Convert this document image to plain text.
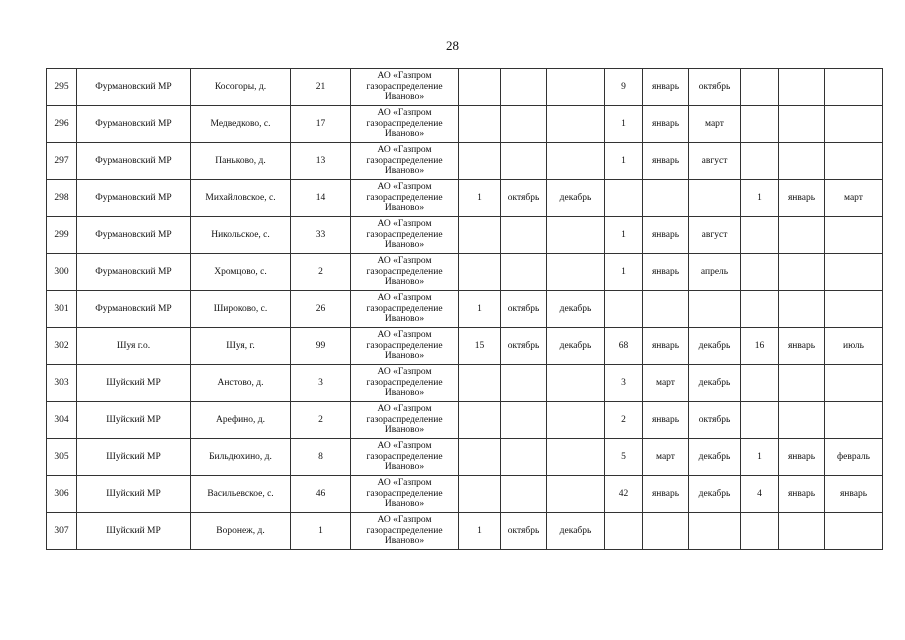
28
295	Фурмановский МР	Косогоры, д.	21	АО «Газпром газораспределение Иваново»				9	январь	октябрь			
296	Фурмановский МР	Медведково, с.	17	АО «Газпром газораспределение Иваново»				1	январь	март			
297	Фурмановский МР	Паньково, д.	13	АО «Газпром газораспределение Иваново»				1	январь	август			
298	Фурмановский МР	Михайловское, с.	14	АО «Газпром газораспределение Иваново»	1	октябрь	декабрь				1	январь	март
299	Фурмановский МР	Никольское, с.	33	АО «Газпром газораспределение Иваново»				1	январь	август			
300	Фурмановский МР	Хромцово, с.	2	АО «Газпром газораспределение Иваново»				1	январь	апрель			
301	Фурмановский МР	Широково, с.	26	АО «Газпром газораспределение Иваново»	1	октябрь	декабрь						
302	Шуя г.о.	Шуя, г.	99	АО «Газпром газораспределение Иваново»	15	октябрь	декабрь	68	январь	декабрь	16	январь	июль
303	Шуйский МР	Анстово, д.	3	АО «Газпром газораспределение Иваново»				3	март	декабрь			
304	Шуйский МР	Арефино, д.	2	АО «Газпром газораспределение Иваново»				2	январь	октябрь			
305	Шуйский МР	Бильдюхино, д.	8	АО «Газпром газораспределение Иваново»				5	март	декабрь	1	январь	февраль
306	Шуйский МР	Васильевское, с.	46	АО «Газпром газораспределение Иваново»				42	январь	декабрь	4	январь	январь
307	Шуйский МР	Воронеж, д.	1	АО «Газпром газораспределение Иваново»	1	октябрь	декабрь						
